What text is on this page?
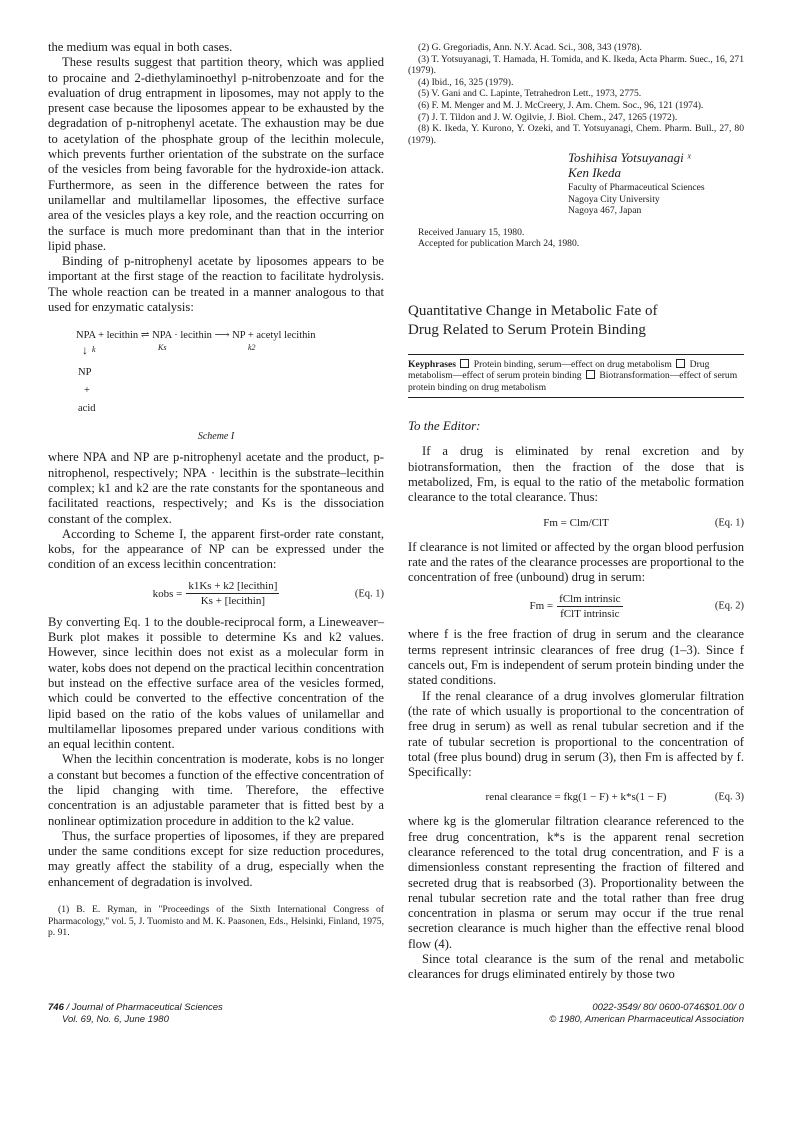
the medium was equal in both cases.

These results suggest that partition theory, which was applied to procaine and 2-diethylaminoethyl p-nitrobenzoate and for the evaluation of drug entrapment in liposomes, may not apply to the present case because the liposomes appear to be exhausted by the degradation of p-nitrophenyl acetate. The exhaustion may be due to acetylation of the phosphate group of the lecithin molecule, which prevents further orientation of the substrate on the surface of the vesicles from being favorable for the hydroxide-ion attack. Furthermore, as seen in the difference between the rates for unilamellar and multilamellar liposomes, the effective surface area of the vesicles plays a key role, and the reaction occurring on the surface is much more predominant than that in the interior lipid phase.

Binding of p-nitrophenyl acetate by liposomes appears to be important at the first stage of the reaction to facilitate hydrolysis. The whole reaction can be treated in a manner analogous to that used for enzymatic catalysis:

NPA + lecithin ⇌ NPA · lecithin ⟶ NP + acetyl lecithin
Ks	k2
↓ k
NP
+
acid
Scheme I

where NPA and NP are p-nitrophenyl acetate and the product, p-nitrophenol, respectively; NPA · lecithin is the substrate–lecithin complex; k1 and k2 are the rate constants for the spontaneous and facilitated reactions, respectively; and Ks is the dissociation constant of the complex.

According to Scheme I, the apparent first-order rate constant, kobs, for the appearance of NP can be expressed under the condition of an excess lecithin concentration:

kobs = $\frac{\text{k1Ks + k2 [lecithin]}}{\text{Ks + [lecithin]}}$	(Eq. 1)

By converting Eq. 1 to the double-reciprocal form, a Lineweaver–Burk plot makes it possible to determine Ks and k2 values. However, since lecithin does not exist as a molecular form in water, kobs does not depend on the practical lecithin concentration but instead on the effective surface area of the vesicles formed, which could be converted to the effective concentration of the lipid based on the ratio of the kobs values of unilamellar and multilamellar liposomes prepared under various conditions with an equal lecithin content.

When the lecithin concentration is moderate, kobs is no longer a constant but becomes a function of the effective concentration of the lipid changing with time. Therefore, the effective concentration is an adjustable parameter that is fitted best by a nonlinear optimization procedure in addition to the k2 value.

Thus, the surface properties of liposomes, if they are prepared under the same conditions except for size reduction procedures, may greatly affect the stability of a drug, especially when the enhancement of degradation is involved.

(1) B. E. Ryman, in "Proceedings of the Sixth International Congress of Pharmacology," vol. 5, J. Tuomisto and M. K. Paasonen, Eds., Helsinki, Finland, 1975, p. 91.

(2) G. Gregoriadis, Ann. N.Y. Acad. Sci., 308, 343 (1978).

(3) T. Yotsuyanagi, T. Hamada, H. Tomida, and K. Ikeda, Acta Pharm. Suec., 16, 271 (1979).

(4) Ibid., 16, 325 (1979).

(5) V. Gani and C. Lapinte, Tetrahedron Lett., 1973, 2775.

(6) F. M. Menger and M. J. McCreery, J. Am. Chem. Soc., 96, 121 (1974).

(7) J. T. Tildon and J. W. Ogilvie, J. Biol. Chem., 247, 1265 (1972).

(8) K. Ikeda, Y. Kurono, Y. Ozeki, and T. Yotsuyanagi, Chem. Pharm. Bull., 27, 80 (1979).

Toshihisa Yotsuyanagi ˣ
Ken Ikeda
Faculty of Pharmaceutical Sciences
Nagoya City University
Nagoya 467, Japan
Received January 15, 1980.
Accepted for publication March 24, 1980.
Quantitative Change in Metabolic Fate of
Drug Related to Serum Protein Binding
Keyphrases Protein binding, serum—effect on drug metabolism Drug metabolism—effect of serum protein binding Biotransformation—effect of serum protein binding on drug metabolism
To the Editor:

If a drug is eliminated by renal excretion and by biotransformation, then the fraction of the dose that is metabolized, Fm, is equal to the ratio of the metabolic formation clearance to the total clearance. Thus:

Fm = Clm/ClT	(Eq. 1)

If clearance is not limited or affected by the organ blood perfusion rate and the rates of the clearance processes are proportional to the concentration of free (unbound) drug in serum:

$Fm = \frac{\text{fClm intrinsic}}{\text{fClT intrinsic}}$	(Eq. 2)

where f is the free fraction of drug in serum and the clearance terms represent intrinsic clearances of free drug (1–3). Since f cancels out, Fm is independent of serum protein binding under the stated conditions.

If the renal clearance of a drug involves glomerular filtration (the rate of which usually is proportional to the concentration of free drug in serum) as well as renal tubular secretion and if the rate of tubular secretion is proportional to the concentration of total (free plus bound) drug in serum (3), then Fm is affected by f. Specifically:

renal clearance = fkg(1 − F) + k*s(1 − F)	(Eq. 3)

where kg is the glomerular filtration clearance referenced to the free drug concentration, k*s is the apparent renal secretion clearance referenced to the total drug concentration, and F is a dimensionless constant representing the fraction of filtered and secreted drug that is reabsorbed (3). Proportionality between the renal tubular secretion rate and the total rather than free drug concentration in plasma or serum may occur if the true renal secretion clearance is much higher than the effective renal blood flow (4).

Since total clearance is the sum of the renal and metabolic clearances for drugs eliminated entirely by those two

746 / Journal of Pharmaceutical Sciences
Vol. 69, No. 6, June 1980
0022-3549/ 80/ 0600-0746$01.00/ 0
© 1980, American Pharmaceutical Association
